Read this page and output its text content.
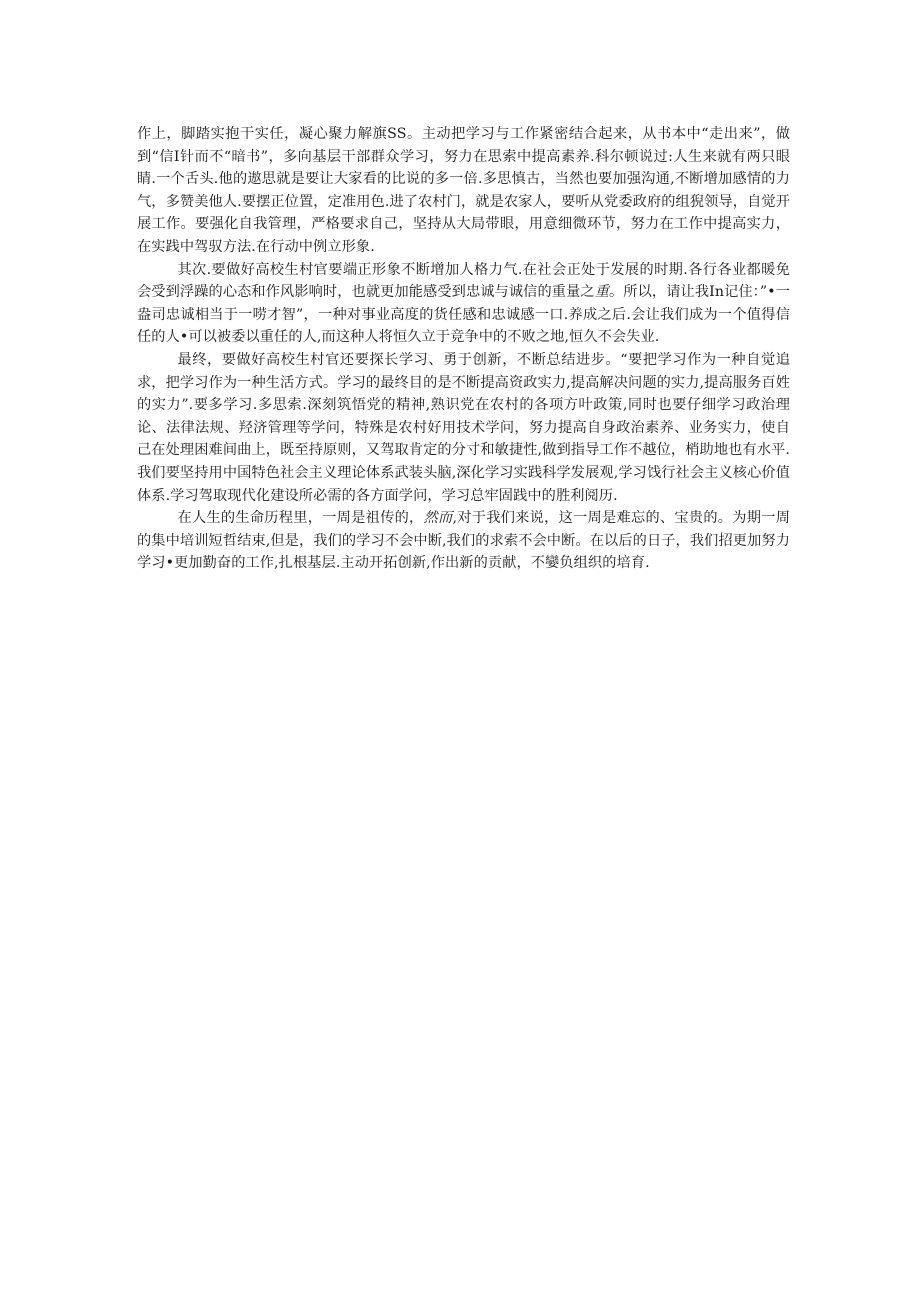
作上，脚踏实抱干实任，凝心聚力解旗SS。主动把学习与工作紧密结合起来，从书本中“走出来”，做到“信I针而不“暗书”，多向基层干部群众学习，努力在思索中提高素养.科尔顿说过:人生来就有两只眼睛.一个舌头.他的遨思就是要让大家看的比说的多一倍.多思慎古，当然也要加强沟通,不断增加感情的力气，多赞美他人.要摆正位置，定准用色.进了农村门，就是农家人，要听从党委政府的组猊领导，自觉开展工作。要强化自我管理，严格要求自己，坚持从大局带眼，用意细微环节，努力在工作中提高实力，在实践中驾驭方法.在行动中例立形象.

其次.要做好高校生村官要端正形象不断增加人格力气.在社会正处于发展的时期.各行各业都暖免会受到浮躁的心态和作风影响时，也就更加能感受到忠诚与诚信的重量之重。所以，请让我In记住：”•一盎司忠诚相当于一唠才智”，一种对事业高度的货任感和忠诚感一口.养成之后.会让我们成为一个值得信任的人•可以被委以重任的人,而这种人将恒久立于竞争中的不败之地,恒久不会失业.

最终，要做好高校生村官还要探长学习、勇于创新，不断总结进步。“要把学习作为一种自觉追求，把学习作为一种生活方式。学习的最终目的是不断提高资政实力,提高解决问题的实力,提高服务百姓的实力”.要多学习.多思索.深刻筑悟党的精神,熟识党在农村的各项方叶政策,同时也要仔细学习政治理论、法律法规、羟济管理等学问，特殊是农村好用技术学问，努力提高自身政治素养、业务实力，使自己在处理困难间曲上，既至持原则，又驾取肯定的分寸和敏捷性,做到指导工作不越位，梢助地也有水平.我们要坚持用中国特色社会主义理论体系武装头脑,深化学习实践科学发展观,学习饯行社会主义核心价值体系.学习驾取现代化建设所必需的各方面学问，学习总牢固践中的胜利阅历.

在人生的生命历程里，一周是祖传的，然而,对于我们来说，这一周是难忘的、宝贵的。为期一周的集中培训短哲结束,但是，我们的学习不会中断,我们的求索不会中断。在以后的日子，我们招更加努力学习•更加勤奋的工作,扎根基层.主动开拓创新,作出新的贡献，不孌负组织的培育.
